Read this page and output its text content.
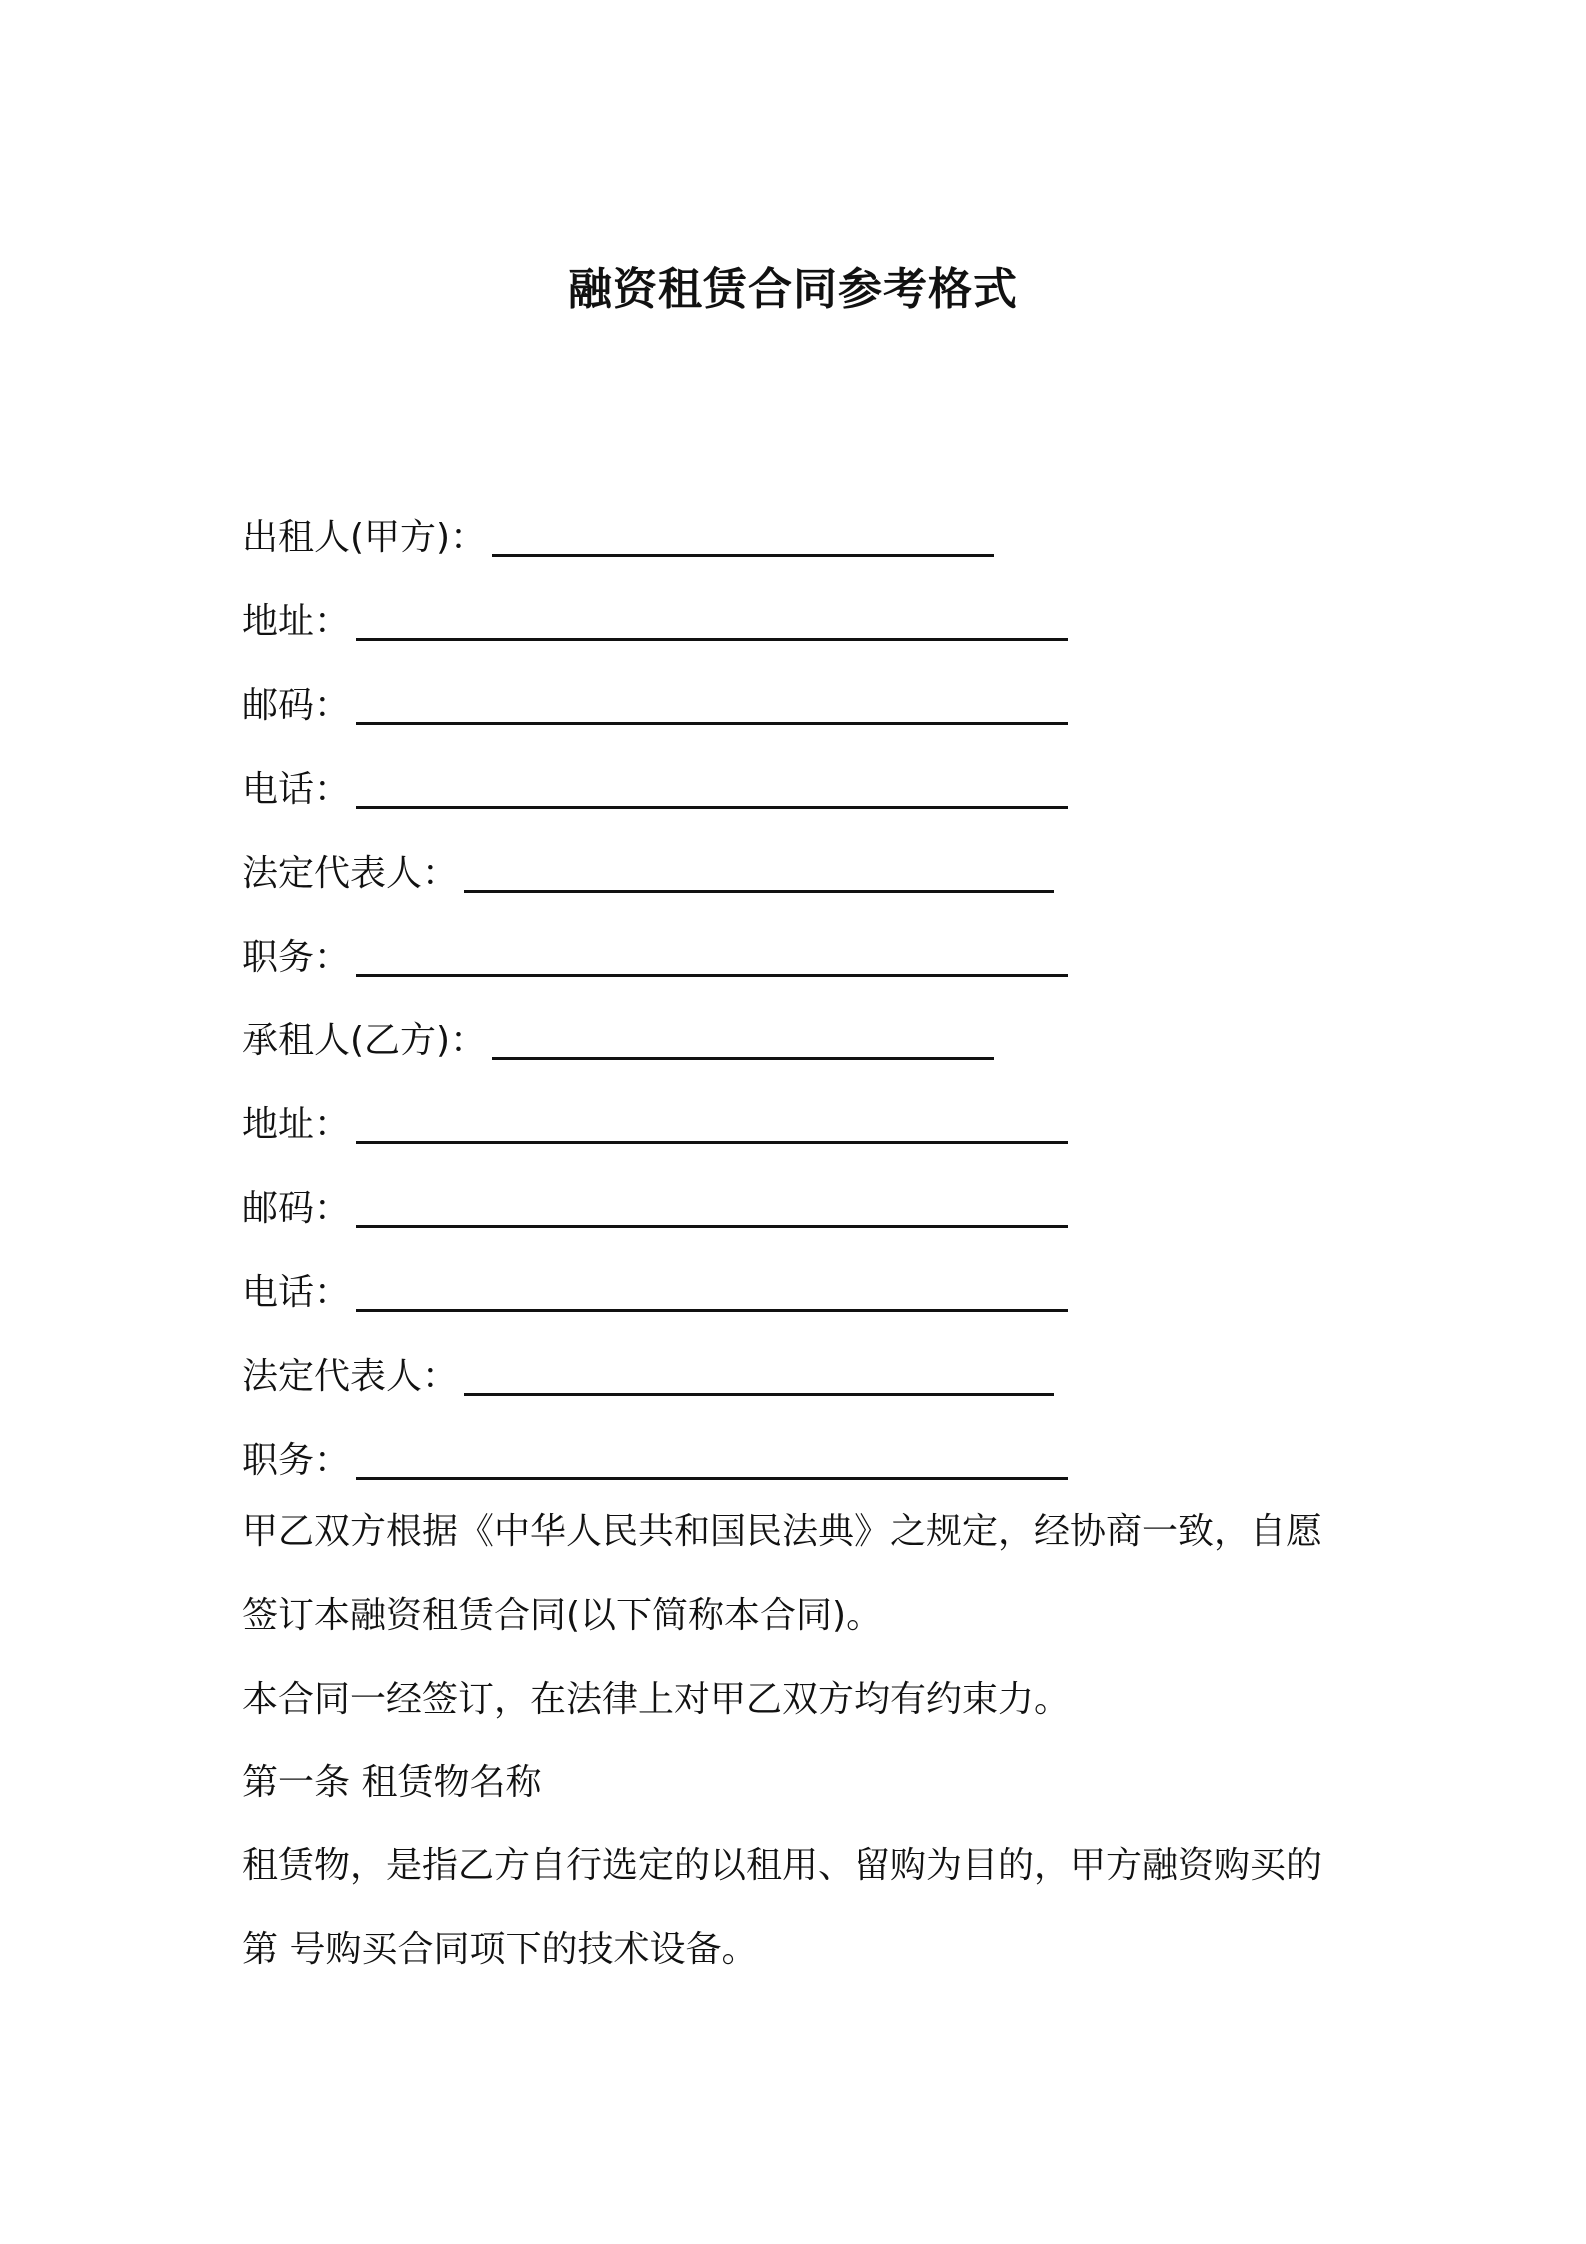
融资租赁合同参考格式
出租人(甲方)：
地址：
邮码：
电话：
法定代表人：
职务：
承租人(乙方)：
地址：
邮码：
电话：
法定代表人：
职务：
甲乙双方根据《中华人民共和国民法典》之规定，经协商一致，自愿
签订本融资租赁合同(以下简称本合同)。
本合同一经签订，在法律上对甲乙双方均有约束力。
第一条 租赁物名称
租赁物，是指乙方自行选定的以租用、留购为目的，甲方融资购买的
第 号购买合同项下的技术设备。
